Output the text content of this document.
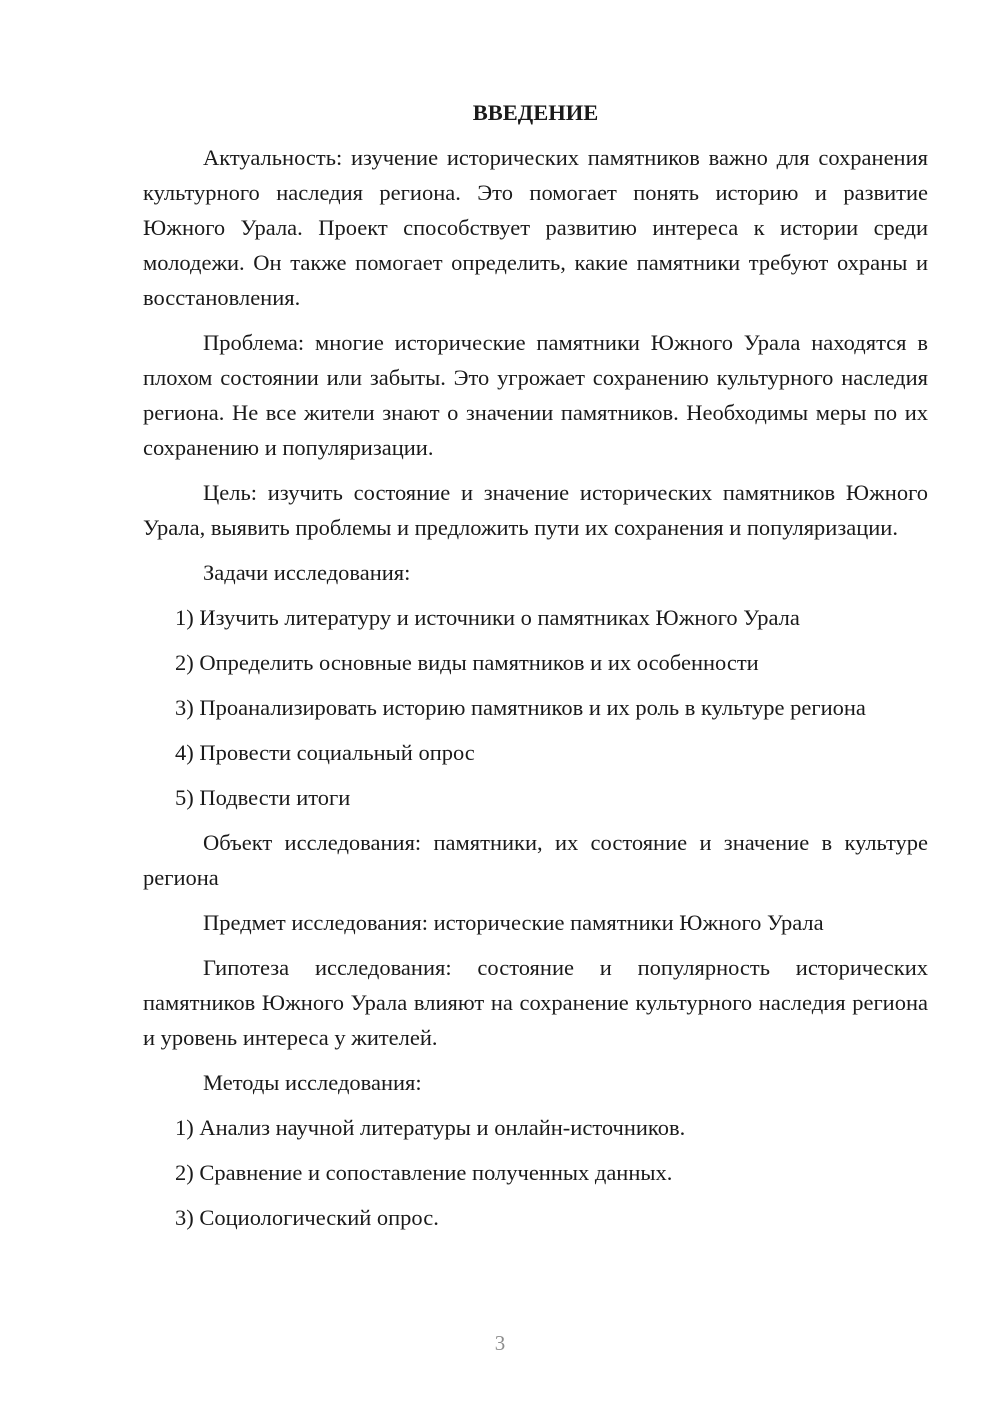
ВВЕДЕНИЕ

Актуальность: изучение исторических памятников важно для сохранения культурного наследия региона. Это помогает понять историю и развитие Южного Урала. Проект способствует развитию интереса к истории среди молодежи. Он также помогает определить, какие памятники требуют охраны и восстановления.

Проблема: многие исторические памятники Южного Урала находятся в плохом состоянии или забыты. Это угрожает сохранению культурного наследия региона. Не все жители знают о значении памятников. Необходимы меры по их сохранению и популяризации.

Цель: изучить состояние и значение исторических памятников Южного Урала, выявить проблемы и предложить пути их сохранения и популяризации.

Задачи исследования:

1) Изучить литературу и источники о памятниках Южного Урала

2) Определить основные виды памятников и их особенности

3) Проанализировать историю памятников и их роль в культуре региона

4) Провести социальный опрос

5) Подвести итоги

Объект исследования: памятники, их состояние и значение в культуре региона

Предмет исследования: исторические памятники Южного Урала

Гипотеза исследования: состояние и популярность исторических памятников Южного Урала влияют на сохранение культурного наследия региона и уровень интереса у жителей.

Методы исследования:

1) Анализ научной литературы и онлайн-источников.

2) Сравнение и сопоставление полученных данных.

3) Социологический опрос.

3
